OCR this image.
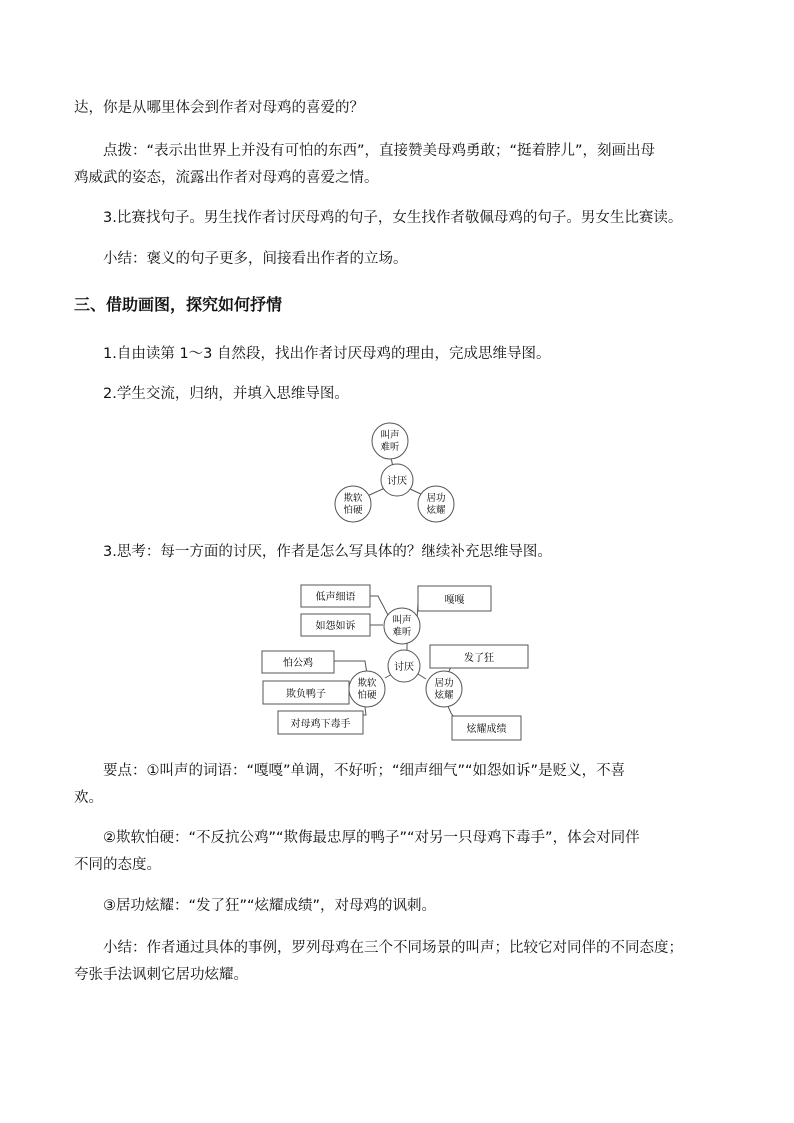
达，你是从哪里体会到作者对母鸡的喜爱的？

点拨：“表示出世界上并没有可怕的东西”，直接赞美母鸡勇敢；“挺着脖儿”，刻画出母

鸡威武的姿态，流露出作者对母鸡的喜爱之情。

3.比赛找句子。男生找作者讨厌母鸡的句子，女生找作者敬佩母鸡的句子。男女生比赛读。

小结：褒义的句子更多，间接看出作者的立场。

三、借助画图，探究如何抒情

1.自由读第 1～3 自然段，找出作者讨厌母鸡的理由，完成思维导图。

2.学生交流，归纳，并填入思维导图。

讨厌
叫声
难听
欺软
怕硬
居功
炫耀

3.思考：每一方面的讨厌，作者是怎么写具体的？继续补充思维导图。

低声细语	嘎嘎
如怨如诉
怕公鸡
欺负鸭子
对母鸡下毒手
发了狂
炫耀成绩
叫声
难听
讨厌
欺软
怕硬
居功
炫耀

要点：①叫声的词语：“嘎嘎”单调，不好听；“细声细气”“如怨如诉”是贬义，不喜

欢。

②欺软怕硬：“不反抗公鸡”“欺侮最忠厚的鸭子”“对另一只母鸡下毒手”，体会对同伴

不同的态度。

③居功炫耀：“发了狂”“炫耀成绩”，对母鸡的讽刺。

小结：作者通过具体的事例，罗列母鸡在三个不同场景的叫声；比较它对同伴的不同态度；

夸张手法讽刺它居功炫耀。
